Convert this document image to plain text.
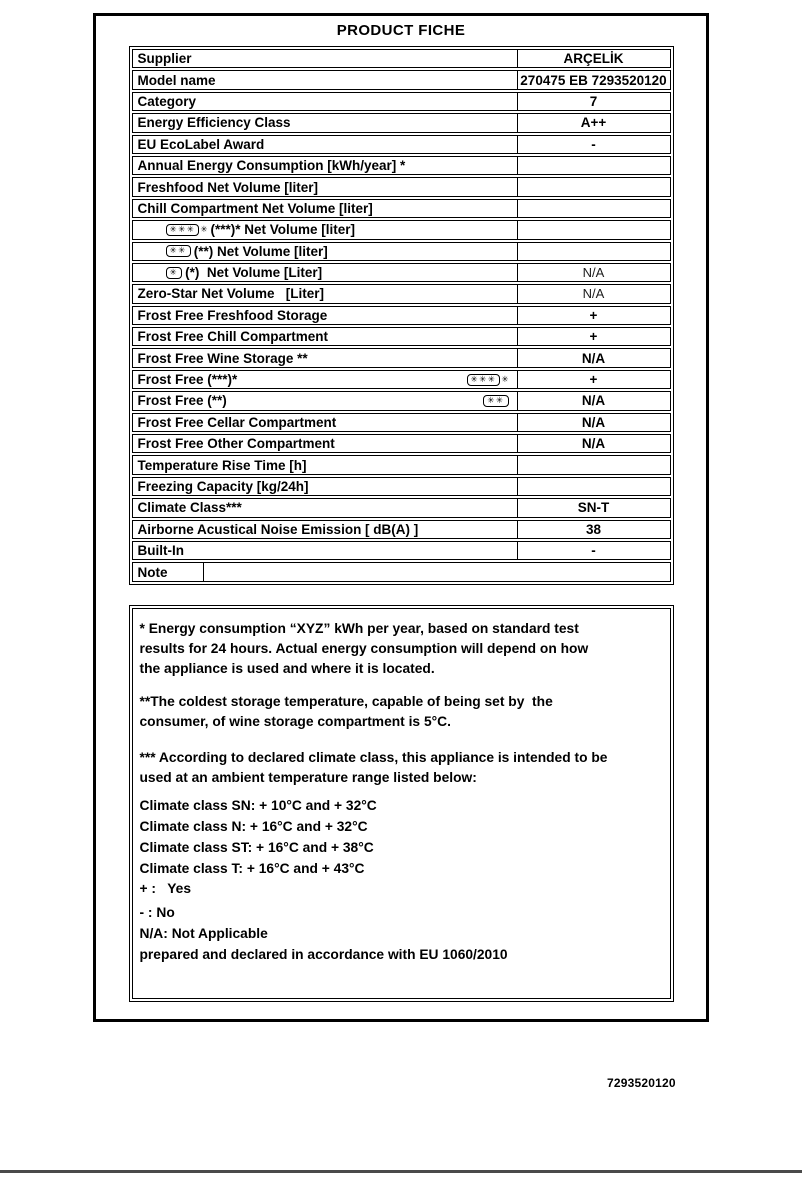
PRODUCT FICHE
Supplier	ARÇELİK
Model name	270475 EB 7293520120
Category	7
Energy Efficiency Class	A++
EU EcoLabel Award	-
Annual Energy Consumption [kWh/year] *
Freshfood Net Volume [liter]
Chill Compartment Net Volume [liter]
✳✳✳ ✳ (***)* Net Volume [liter]
✳✳ (**) Net Volume [liter]
✳ (*)  Net Volume [Liter]	N/A
Zero-Star Net Volume   [Liter]	N/A
Frost Free Freshfood Storage	+
Frost Free Chill Compartment	+
Frost Free Wine Storage **	N/A
Frost Free (***)*	✳✳✳ ✳	+
Frost Free (**)	✳✳	N/A
Frost Free Cellar Compartment	N/A
Frost Free Other Compartment	N/A
Temperature Rise Time [h]
Freezing Capacity [kg/24h]
Climate Class***	SN-T
Airborne Acustical Noise Emission [ dB(A) ]	38
Built-In	-
Note
* Energy consumption “XYZ” kWh per year, based on standard test
results for 24 hours. Actual energy consumption will depend on how
the appliance is used and where it is located.
**The coldest storage temperature, capable of being set by  the
consumer, of wine storage compartment is 5°C.
*** According to declared climate class, this appliance is intended to be
used at an ambient temperature range listed below:
Climate class SN: + 10°C and + 32°C
Climate class N: + 16°C and + 32°C
Climate class ST: + 16°C and + 38°C
Climate class T: + 16°C and + 43°C
+ :   Yes
- : No
N/A: Not Applicable
prepared and declared in accordance with EU 1060/2010
7293520120
